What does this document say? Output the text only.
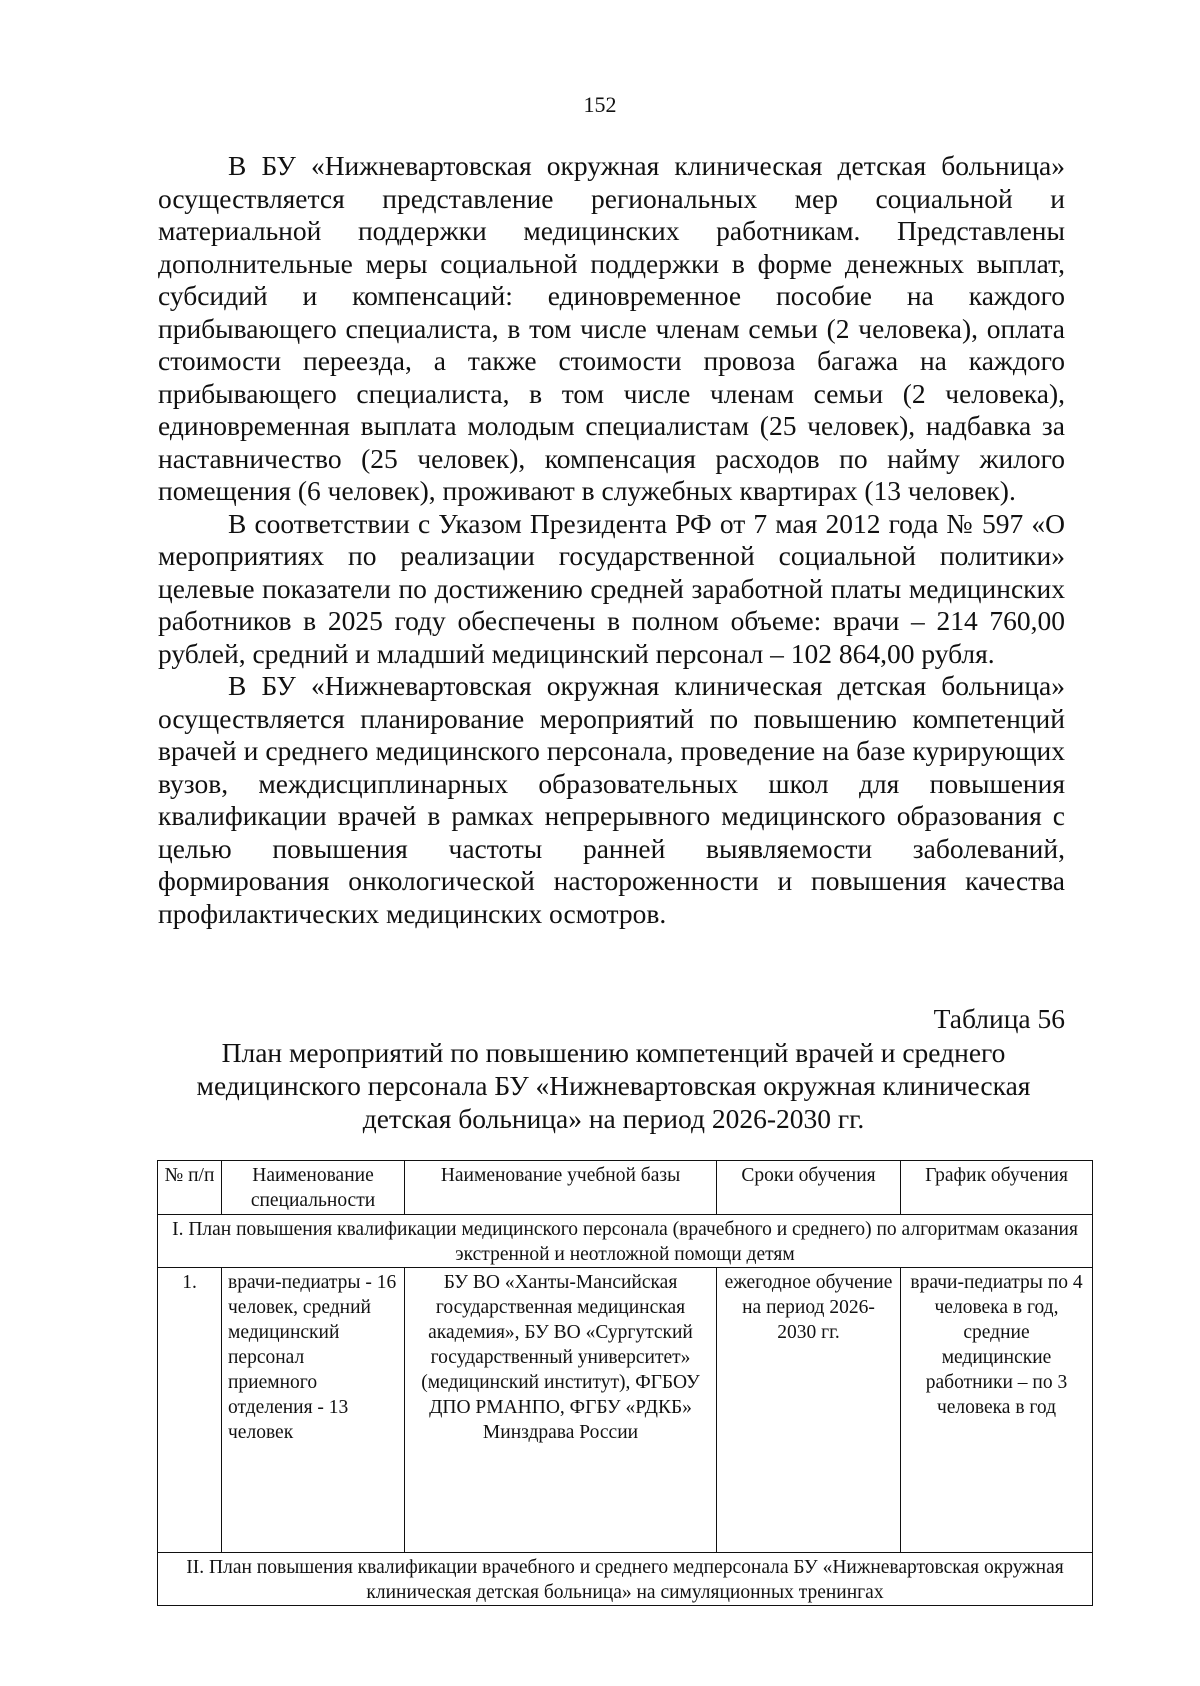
152

В БУ «Нижневартовская окружная клиническая детская больница» осуществляется представление региональных мер социальной и материальной поддержки медицинских работникам. Представлены дополнительные меры социальной поддержки в форме денежных выплат, субсидий и компенсаций: единовременное пособие на каждого прибывающего специалиста, в том числе членам семьи (2 человека), оплата стоимости переезда, а также стоимости провоза багажа на каждого прибывающего специалиста, в том числе членам семьи (2 человека), единовременная выплата молодым специалистам (25 человек), надбавка за наставничество (25 человек), компенсация расходов по найму жилого помещения (6 человек), проживают в служебных квартирах (13 человек).

В соответствии с Указом Президента РФ от 7 мая 2012 года № 597 «О мероприятиях по реализации государственной социальной политики» целевые показатели по достижению средней заработной платы медицинских работников в 2025 году обеспечены в полном объеме: врачи – 214 760,00 рублей, средний и младший медицинский персонал – 102 864,00 рубля.

В БУ «Нижневартовская окружная клиническая детская больница» осуществляется планирование мероприятий по повышению компетенций врачей и среднего медицинского персонала, проведение на базе курирующих вузов, междисциплинарных образовательных школ для повышения квалификации врачей в рамках непрерывного медицинского образования с целью повышения частоты ранней выявляемости заболеваний, формирования онкологической настороженности и повышения качества профилактических медицинских осмотров.

Таблица 56
План мероприятий по повышению компетенций врачей и среднего медицинского персонала БУ «Нижневартовская окружная клиническая детская больница» на период 2026-2030 гг.
№ п/п	Наименование специальности	Наименование учебной базы	Сроки обучения	График обучения
I. План повышения квалификации медицинского персонала (врачебного и среднего) по алгоритмам оказания экстренной и неотложной помощи детям				
1.	врачи-педиатры - 16 человек, средний медицинский персонал приемного отделения - 13 человек	БУ ВО «Ханты-Мансийская государственная медицинская академия», БУ ВО «Сургутский государственный университет» (медицинский институт), ФГБОУ ДПО РМАНПО, ФГБУ «РДКБ» Минздрава России	ежегодное обучение на период 2026-2030 гг.	врачи-педиатры по 4 человека в год, средние медицинские работники – по 3 человека в год
II. План повышения квалификации врачебного и среднего медперсонала БУ «Нижневартовская окружная клиническая детская больница» на симуляционных тренингах				
